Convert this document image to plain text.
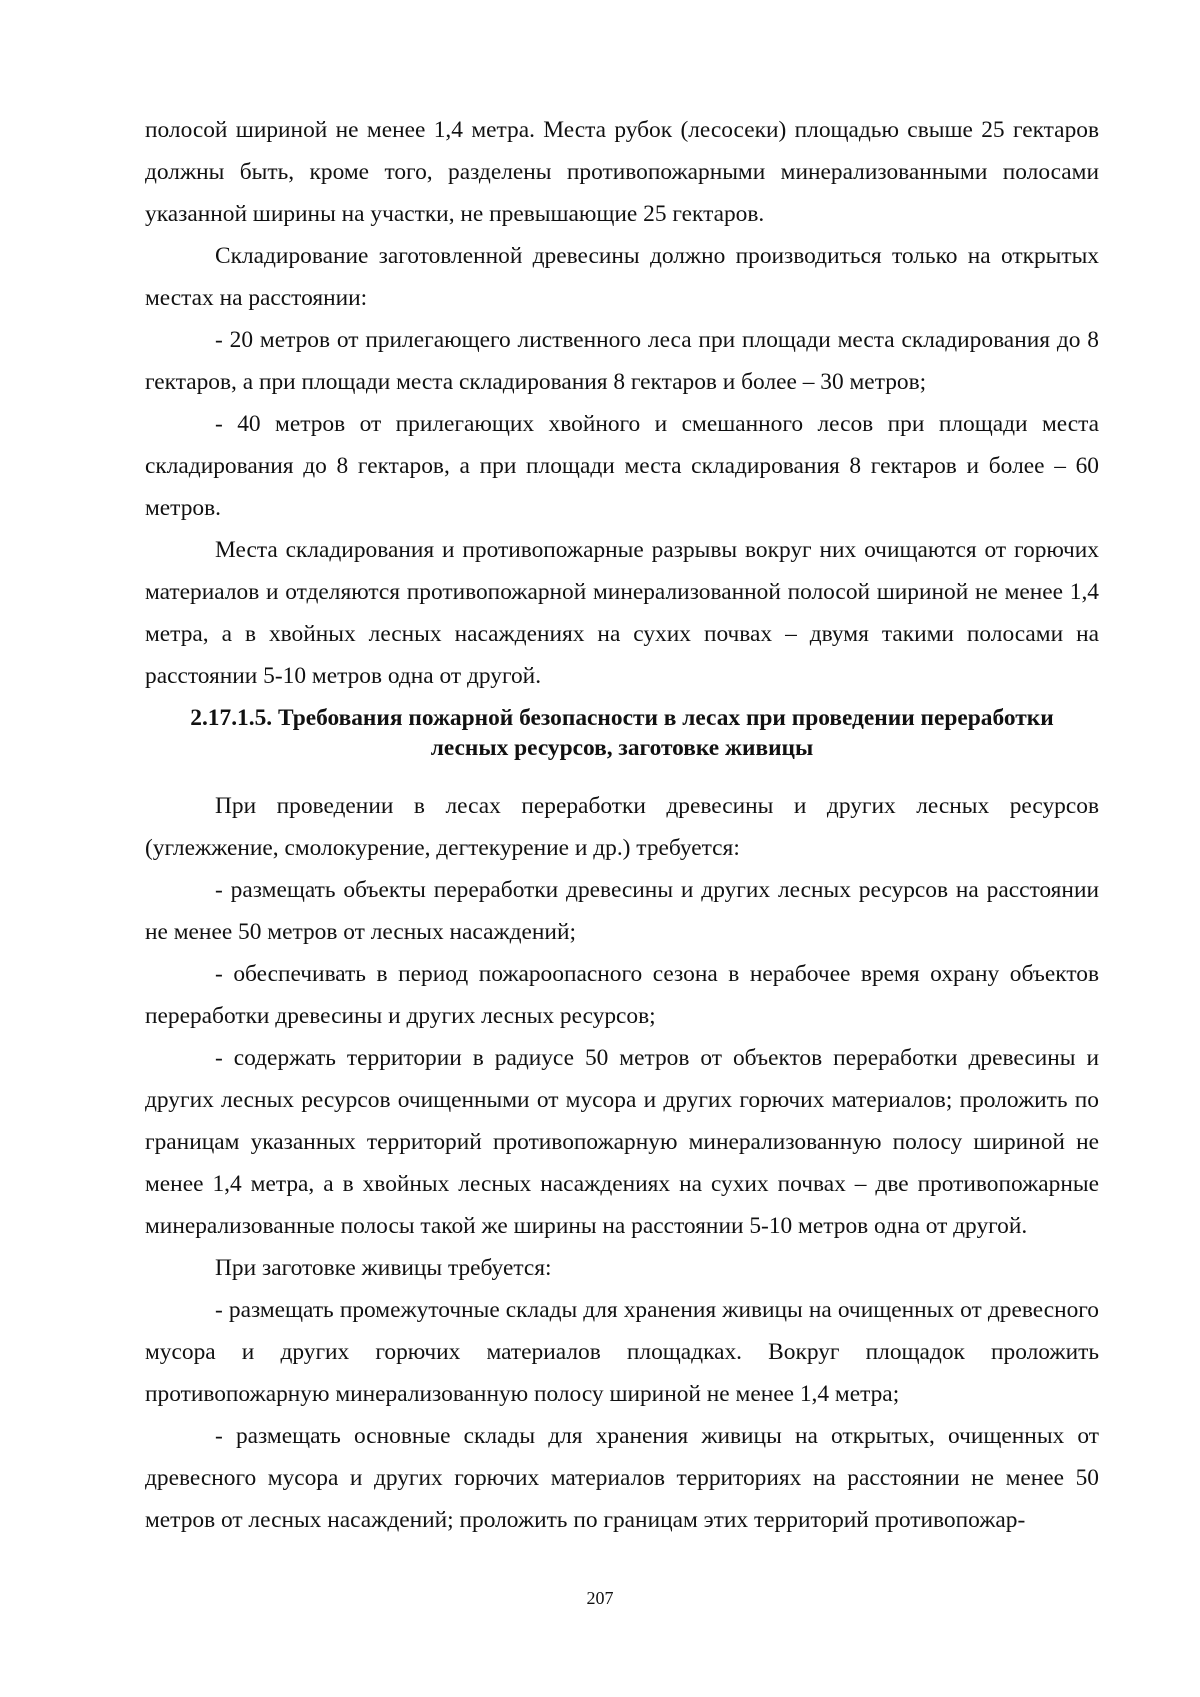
полосой шириной не менее 1,4 метра. Места рубок (лесосеки) площадью свыше 25 гектаров должны быть, кроме того, разделены противопожарными минерализованными полосами указанной ширины на участки, не превышающие 25 гектаров.

Складирование заготовленной древесины должно производиться только на открытых местах на расстоянии:

- 20 метров от прилегающего лиственного леса при площади места складирования до 8 гектаров, а при площади места складирования 8 гектаров и более – 30 метров;

- 40 метров от прилегающих хвойного и смешанного лесов при площади места складирования до 8 гектаров, а при площади места складирования 8 гектаров и более – 60 метров.

Места складирования и противопожарные разрывы вокруг них очищаются от горючих материалов и отделяются противопожарной минерализованной полосой шириной не менее 1,4 метра, а в хвойных лесных насаждениях на сухих почвах – двумя такими полосами на расстоянии 5-10 метров одна от другой.

2.17.1.5. Требования пожарной безопасности в лесах при проведении переработки
лесных ресурсов, заготовке живицы

При проведении в лесах переработки древесины и других лесных ресурсов (углежжение, смолокурение, дегтекурение и др.) требуется:

- размещать объекты переработки древесины и других лесных ресурсов на расстоянии не менее 50 метров от лесных насаждений;

- обеспечивать в период пожароопасного сезона в нерабочее время охрану объектов переработки древесины и других лесных ресурсов;

- содержать территории в радиусе 50 метров от объектов переработки древесины и других лесных ресурсов очищенными от мусора и других горючих материалов; проложить по границам указанных территорий противопожарную минерализованную полосу шириной не менее 1,4 метра, а в хвойных лесных насаждениях на сухих почвах – две противопожарные минерализованные полосы такой же ширины на расстоянии 5-10 метров одна от другой.

При заготовке живицы требуется:

- размещать промежуточные склады для хранения живицы на очищенных от древесного мусора и других горючих материалов площадках. Вокруг площадок проложить противопожарную минерализованную полосу шириной не менее 1,4 метра;

- размещать основные склады для хранения живицы на открытых, очищенных от древесного мусора и других горючих материалов территориях на расстоянии не менее 50 метров от лесных насаждений; проложить по границам этих территорий противопожар-

207
